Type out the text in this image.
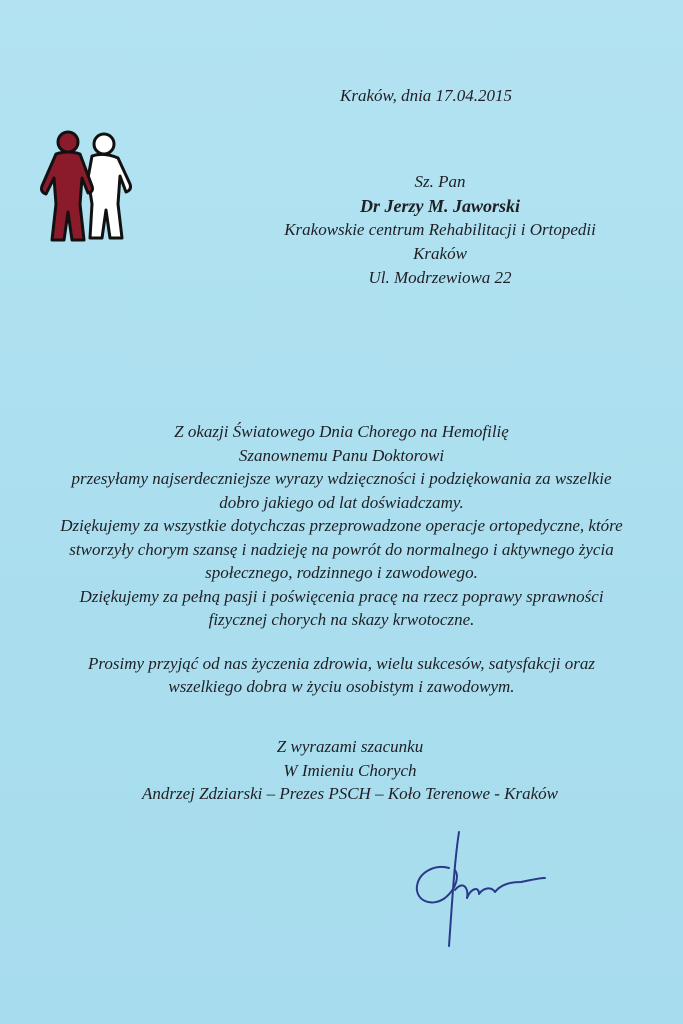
Kraków, dnia 17.04.2015
Sz. Pan
Dr Jerzy M. Jaworski
Krakowskie centrum Rehabilitacji i Ortopedii
Kraków
Ul. Modrzewiowa 22

Z okazji Światowego Dnia Chorego na Hemofilię

Szanownemu Panu Doktorowi

przesyłamy najserdeczniejsze wyrazy wdzięczności i podziękowania za wszelkie

dobro jakiego od lat doświadczamy.

Dziękujemy za wszystkie dotychczas przeprowadzone operacje ortopedyczne, które

stworzyły chorym szansę i nadzieję na powrót do normalnego i aktywnego życia

społecznego, rodzinnego i zawodowego.

Dziękujemy za pełną pasji i poświęcenia pracę na rzecz poprawy sprawności

fizycznej chorych na skazy krwotoczne.

Prosimy przyjąć od nas życzenia zdrowia, wielu sukcesów, satysfakcji oraz

wszelkiego dobra w życiu osobistym i zawodowym.

Z wyrazami szacunku
W Imieniu Chorych
Andrzej Zdziarski – Prezes PSCH – Koło Terenowe - Kraków
